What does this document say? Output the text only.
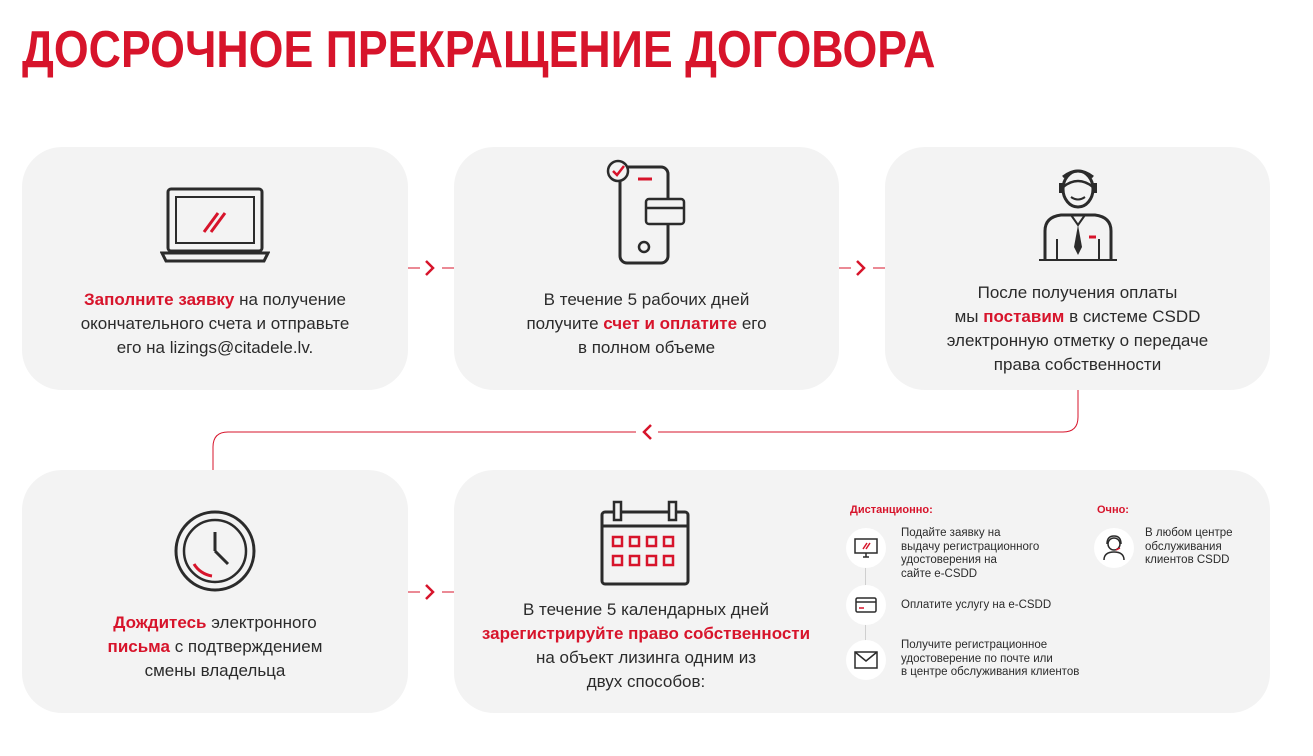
ДОСРОЧНОЕ ПРЕКРАЩЕНИЕ ДОГОВОРА
Заполните заявку на получение
окончательного счета и отправьте
его на lizings@citadele.lv.
В течение 5 рабочих дней
получите счет и оплатите его
в полном объеме
После получения оплаты
мы поставим в системе CSDD
электронную отметку о передаче
права собственности
Дождитесь электронного
письма с подтверждением
смены владельца
В течение 5 календарных дней
зарегистрируйте право собственности
на объект лизинга одним из
двух способов:
Дистанционно:
Подайте заявку на
выдачу регистрационного
удостоверения на
сайте e-CSDD
Оплатите услугу на e-CSDD
Получите регистрационное
удостоверение по почте или
в центре обслуживания клиентов
Очно:
В любом центре
обслуживания
клиентов CSDD
